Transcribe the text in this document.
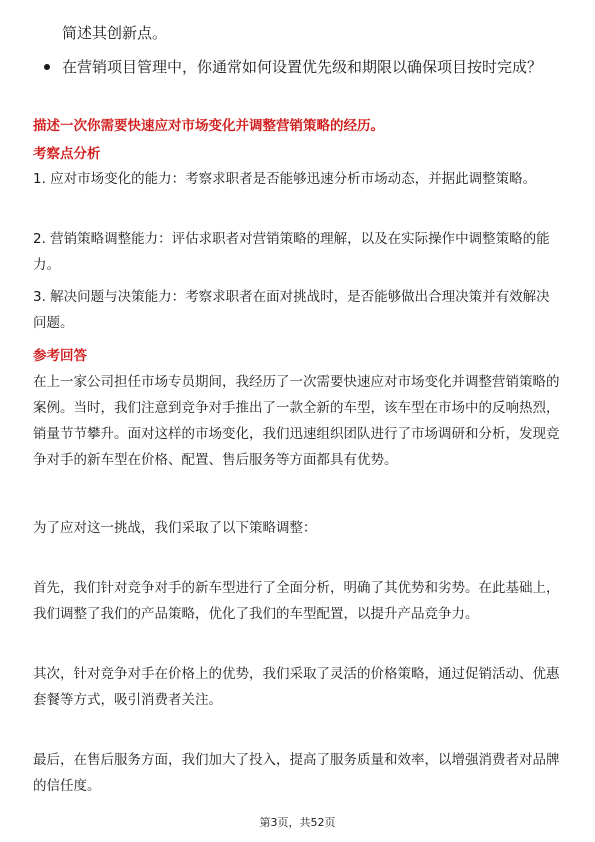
简述其创新点。
在营销项目管理中，你通常如何设置优先级和期限以确保项目按时完成？
描述一次你需要快速应对市场变化并调整营销策略的经历。
考察点分析
1. 应对市场变化的能力：考察求职者是否能够迅速分析市场动态，并据此调整策略。
2. 营销策略调整能力：评估求职者对营销策略的理解，以及在实际操作中调整策略的能力。
3. 解决问题与决策能力：考察求职者在面对挑战时，是否能够做出合理决策并有效解决问题。
参考回答
在上一家公司担任市场专员期间，我经历了一次需要快速应对市场变化并调整营销策略的案例。当时，我们注意到竞争对手推出了一款全新的车型，该车型在市场中的反响热烈，销量节节攀升。面对这样的市场变化，我们迅速组织团队进行了市场调研和分析，发现竞争对手的新车型在价格、配置、售后服务等方面都具有优势。
为了应对这一挑战，我们采取了以下策略调整：
首先，我们针对竞争对手的新车型进行了全面分析，明确了其优势和劣势。在此基础上，我们调整了我们的产品策略，优化了我们的车型配置，以提升产品竞争力。
其次，针对竞争对手在价格上的优势，我们采取了灵活的价格策略，通过促销活动、优惠套餐等方式，吸引消费者关注。
最后，在售后服务方面，我们加大了投入，提高了服务质量和效率，以增强消费者对品牌的信任度。
第3页，共52页
